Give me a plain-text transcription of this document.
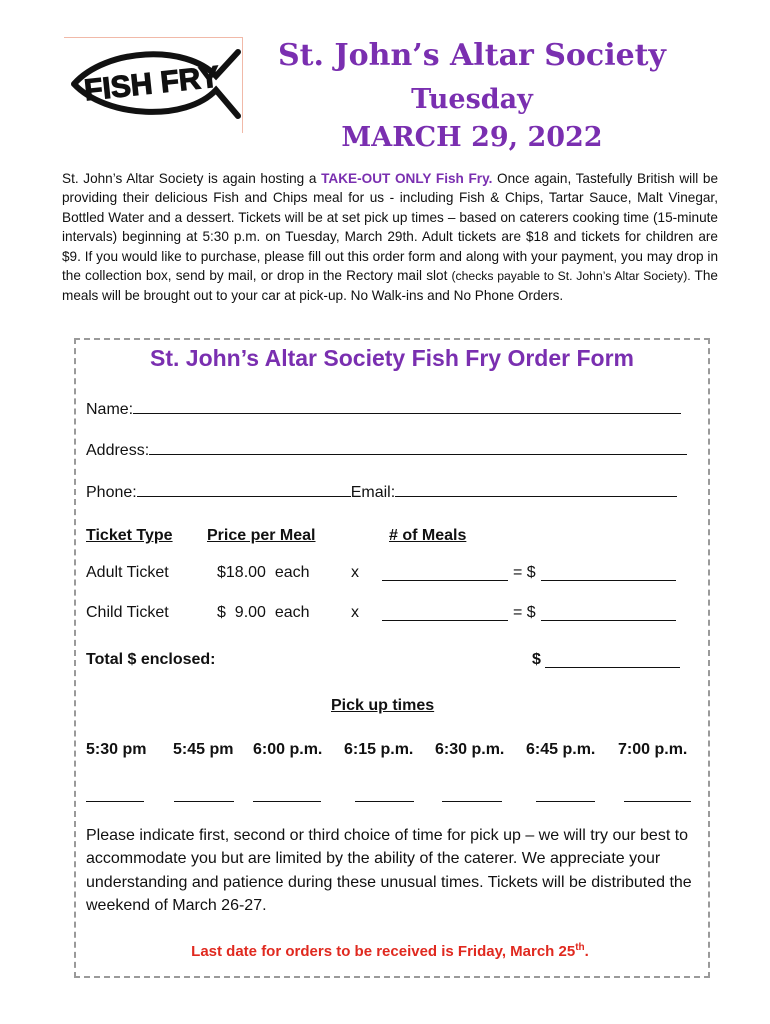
FISH FRY
St. John’s Altar Society
Tuesday
MARCH 29, 2022
St. John’s Altar Society is again hosting a TAKE-OUT ONLY Fish Fry. Once again, Tastefully British will be providing their delicious Fish and Chips meal for us - including Fish & Chips, Tartar Sauce, Malt Vinegar, Bottled Water and a dessert. Tickets will be at set pick up times – based on caterers cooking time (15-minute intervals) beginning at 5:30 p.m. on Tuesday, March 29th. Adult tickets are $18 and tickets for children are $9. If you would like to purchase, please fill out this order form and along with your payment, you may drop in the collection box, send by mail, or drop in the Rectory mail slot (checks payable to St. John’s Altar Society). The meals will be brought out to your car at pick-up. No Walk-ins and No Phone Orders.
St. John’s Altar Society Fish Fry Order Form
Name:
Address:
Phone:	Email:
Ticket Type Price per Meal	# of Meals
Adult Ticket	$18.00  each	x	= $
Child Ticket	$  9.00  each	x	= $
Total $ enclosed:	$
Pick up times
5:30 pm 5:45 pm 6:00 p.m. 6:15 p.m. 6:30 p.m. 6:45 p.m. 7:00 p.m.
Please indicate first, second or third choice of time for pick up – we will try our best to accommodate you but are limited by the ability of the caterer. We appreciate your understanding and patience during these unusual times. Tickets will be distributed the weekend of March 26-27.
Last date for orders to be received is Friday, March 25th.
